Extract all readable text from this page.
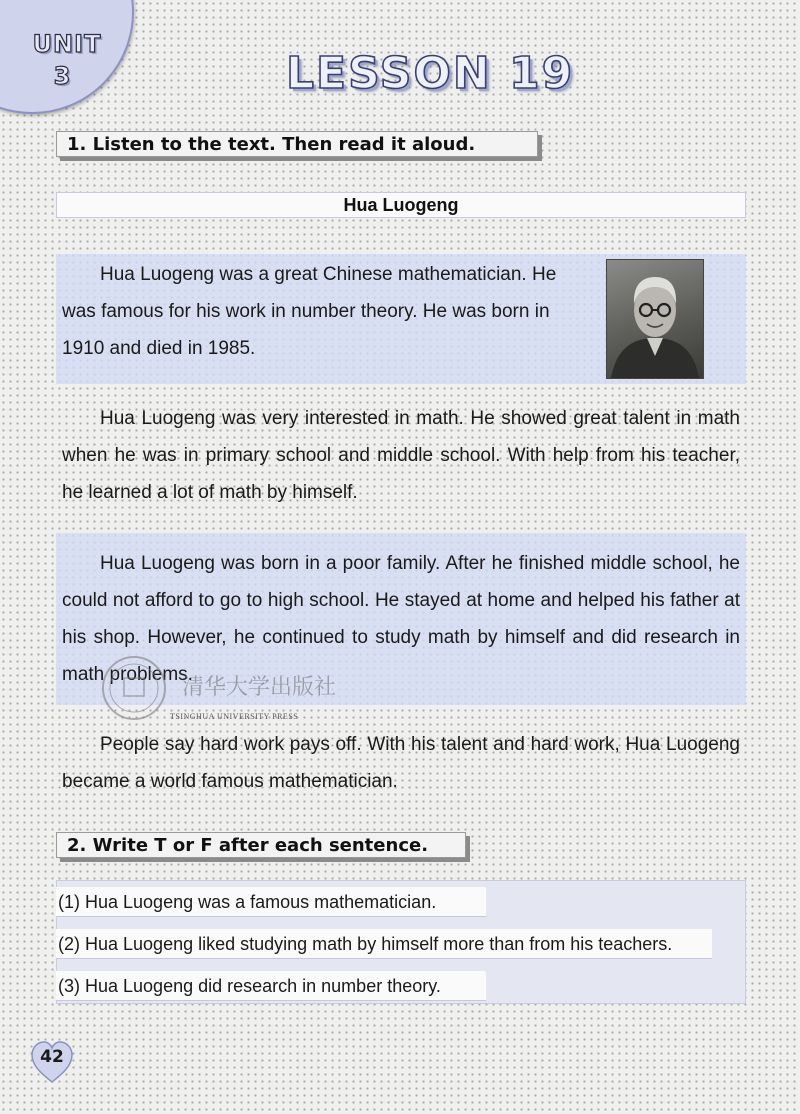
UNIT
3	LESSON 19
1. Listen to the text. Then read it aloud.
Hua Luogeng

Hua Luogeng was a great Chinese mathematician. He was famous for his work in number theory. He was born in 1910 and died in 1985.

Hua Luogeng was very interested in math. He showed great talent in math when he was in primary school and middle school. With help from his teacher, he learned a lot of math by himself.

Hua Luogeng was born in a poor family. After he finished middle school, he could not afford to go to high school. He stayed at home and helped his father at his shop. However, he continued to study math by himself and did research in math problems.

清华大学出版社
TSINGHUA UNIVERSITY PRESS

People say hard work pays off. With his talent and hard work, Hua Luogeng became a world famous mathematician.

2. Write T or F after each sentence.
(1) Hua Luogeng was a famous mathematician.
(2) Hua Luogeng liked studying math by himself more than from his teachers.
(3) Hua Luogeng did research in number theory.
42
